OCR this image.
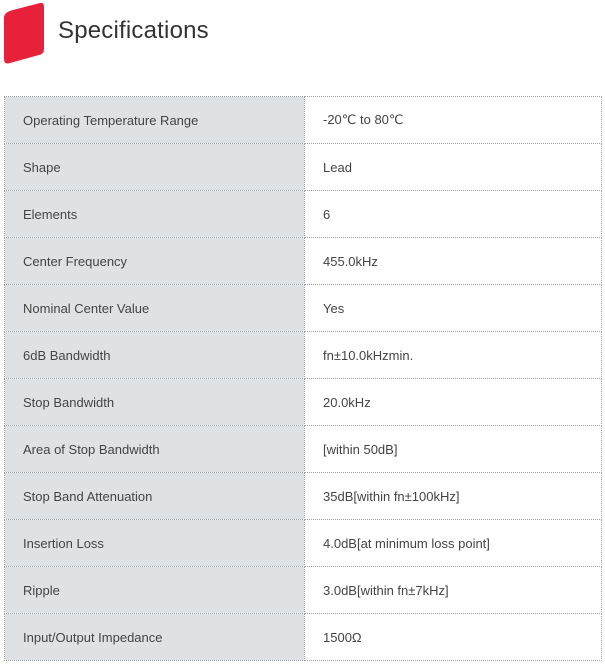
Specifications
Operating Temperature Range	-20℃ to 80℃
Shape	Lead
Elements	6
Center Frequency	455.0kHz
Nominal Center Value	Yes
6dB Bandwidth	fn±10.0kHzmin.
Stop Bandwidth	20.0kHz
Area of Stop Bandwidth	[within 50dB]
Stop Band Attenuation	35dB[within fn±100kHz]
Insertion Loss	4.0dB[at minimum loss point]
Ripple	3.0dB[within fn±7kHz]
Input/Output Impedance	1500Ω
